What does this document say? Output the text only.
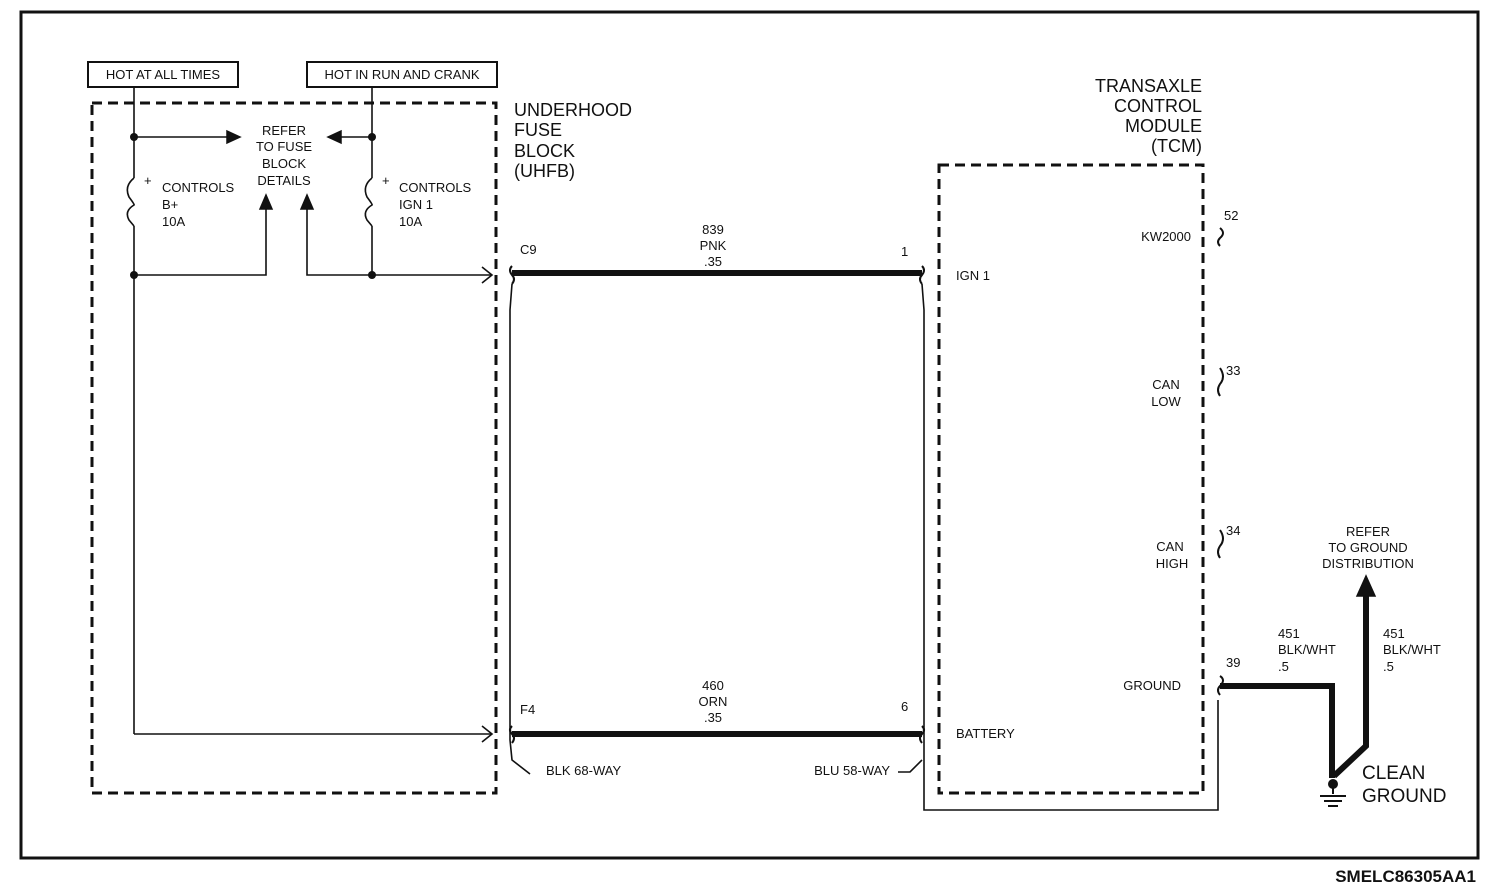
HOT AT ALL TIMES	HOT IN RUN AND CRANK
UNDERHOOD
FUSE
BLOCK
(UHFB)
+ CONTROLS
B+
10A
REFER
TO FUSE
BLOCK
DETAILS	+ CONTROLS
IGN 1
10A
C9
F4
BLK 68-WAY
839
PNK
.35
460
ORN
.35
1
6
BLU 58-WAY
TRANSAXLE
CONTROL
MODULE
(TCM)
IGN 1
BATTERY
KW2000
52
CAN
LOW
33
CAN
HIGH
34
GROUND
39
451
BLK/WHT
.5
451
BLK/WHT
.5
REFER
TO GROUND
DISTRIBUTION
CLEAN
GROUND
SMELC86305AA1
